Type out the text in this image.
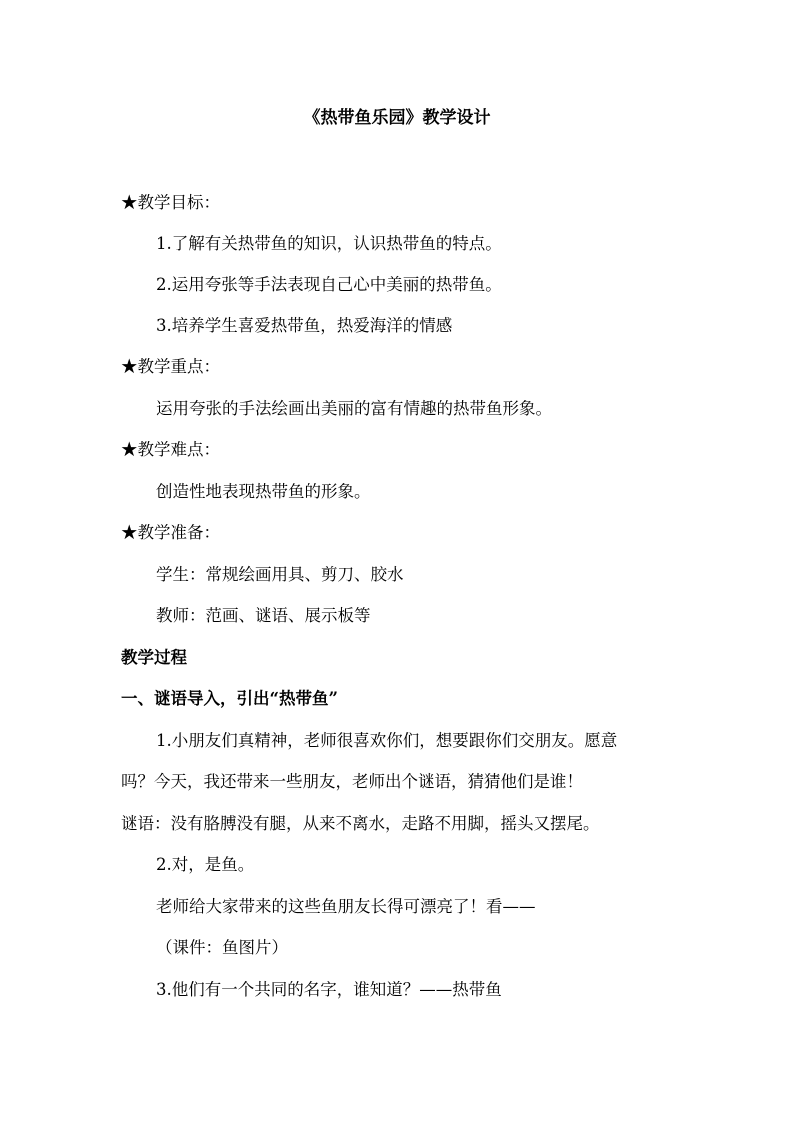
《热带鱼乐园》教学设计
★教学目标：
1.了解有关热带鱼的知识，认识热带鱼的特点。
2.运用夸张等手法表现自己心中美丽的热带鱼。
3.培养学生喜爱热带鱼，热爱海洋的情感
★教学重点：
运用夸张的手法绘画出美丽的富有情趣的热带鱼形象。
★教学难点：
创造性地表现热带鱼的形象。
★教学准备：
学生：常规绘画用具、剪刀、胶水
教师：范画、谜语、展示板等
教学过程
一、谜语导入，引出“热带鱼”
1.小朋友们真精神，老师很喜欢你们，想要跟你们交朋友。愿意
吗？今天，我还带来一些朋友，老师出个谜语，猜猜他们是谁！
谜语：没有胳膊没有腿，从来不离水，走路不用脚，摇头又摆尾。
2.对，是鱼。
老师给大家带来的这些鱼朋友长得可漂亮了！看——
（课件：鱼图片）
3.他们有一个共同的名字，谁知道？——热带鱼
